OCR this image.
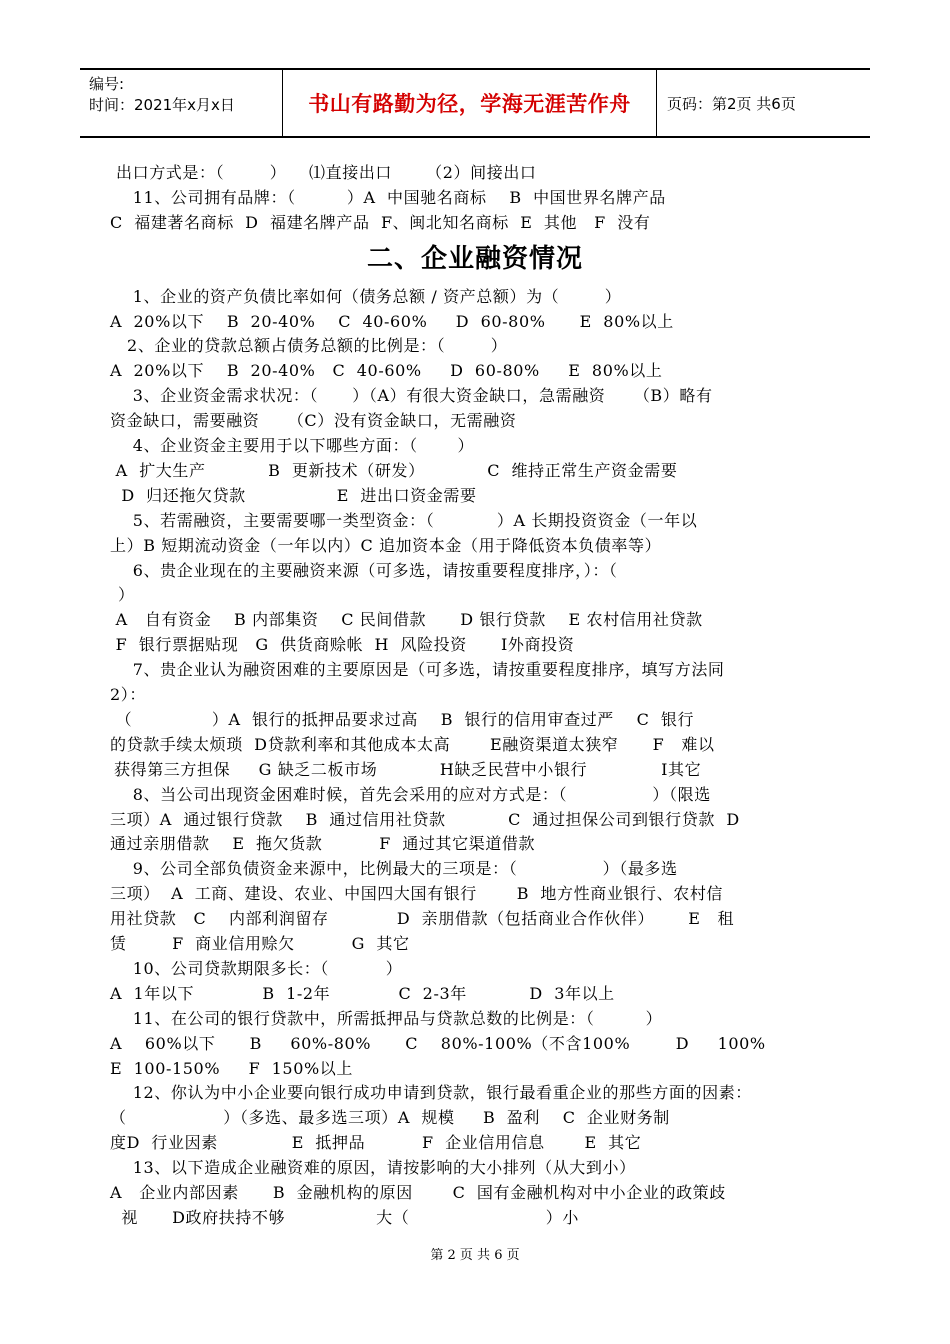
编号:
时间：2021年x月x日	书山有路勤为径，学海无涯苦作舟	页码：第2页 共6页
出口方式是：（        ）    ⑴直接出口      （2）间接出口
11、公司拥有品牌：（         ）A  中国驰名商标    B  中国世界名牌产品
C  福建著名商标  D  福建名牌产品  F、闽北知名商标  E  其他   F  没有
二、企业融资情况
1、企业的资产负债比率如何（债务总额 / 资产总额）为（        ）
A  20%以下    B  20-40%    C  40-60%     D  60-80%      E  80%以上
2、企业的贷款总额占债务总额的比例是：（        ）
A  20%以下    B  20-40%   C  40-60%     D  60-80%     E  80%以上
3、企业资金需求状况：（      ）（A）有很大资金缺口，急需融资     （B）略有
资金缺口，需要融资     （C）没有资金缺口，无需融资
4、企业资金主要用于以下哪些方面：（       ）
A  扩大生产           B  更新技术（研发）           C  维持正常生产资金需要
D  归还拖欠贷款                E  进出口资金需要
5、若需融资，主要需要哪一类型资金：（           ）A 长期投资资金（一年以
上）B 短期流动资金（一年以内）C 追加资本金（用于降低资本负债率等）
6、贵企业现在的主要融资来源（可多选，请按重要程度排序，）：（
）
A   自有资金    B 内部集资    C 民间借款      D 银行贷款    E 农村信用社贷款
F  银行票据贴现   G  供货商赊帐  H  风险投资      I外商投资
7、贵企业认为融资困难的主要原因是（可多选，请按重要程度排序，填写方法同
2）：
（              ）A  银行的抵押品要求过高    B  银行的信用审查过严    C  银行
的贷款手续太烦琐  D贷款利率和其他成本太高       E融资渠道太狭窄      F   难以
获得第三方担保     G 缺乏二板市场           H缺乏民营中小银行             I其它
8、当公司出现资金困难时候，首先会采用的应对方式是：（               ）（限选
三项）A  通过银行贷款    B  通过信用社贷款           C  通过担保公司到银行贷款  D
通过亲朋借款    E  拖欠货款          F  通过其它渠道借款
9、公司全部负债资金来源中，比例最大的三项是：（               ）（最多选
三项）  A  工商、建设、农业、中国四大国有银行       B  地方性商业银行、农村信
用社贷款   C    内部利润留存            D  亲朋借款（包括商业合作伙伴）      E   租
赁        F  商业信用赊欠          G  其它
10、公司贷款期限多长：（          ）
A  1年以下            B  1-2年            C  2-3年           D  3年以上
11、在公司的银行贷款中，所需抵押品与贷款总数的比例是：（         ）
A    60%以下      B     60%-80%      C    80%-100%（不含100%        D     100%
E  100-150%     F  150%以上
12、你认为中小企业要向银行成功申请到贷款，银行最看重企业的那些方面的因素：
（                 ）（多选、最多选三项）A  规模     B  盈利    C  企业财务制
度D  行业因素             E  抵押品          F  企业信用信息       E  其它
13、以下造成企业融资难的原因，请按影响的大小排列（从大到小）
A   企业内部因素      B  金融机构的原因       C  国有金融机构对中小企业的政策歧
视      D政府扶持不够                大（                        ）小
第 2 页 共 6 页
